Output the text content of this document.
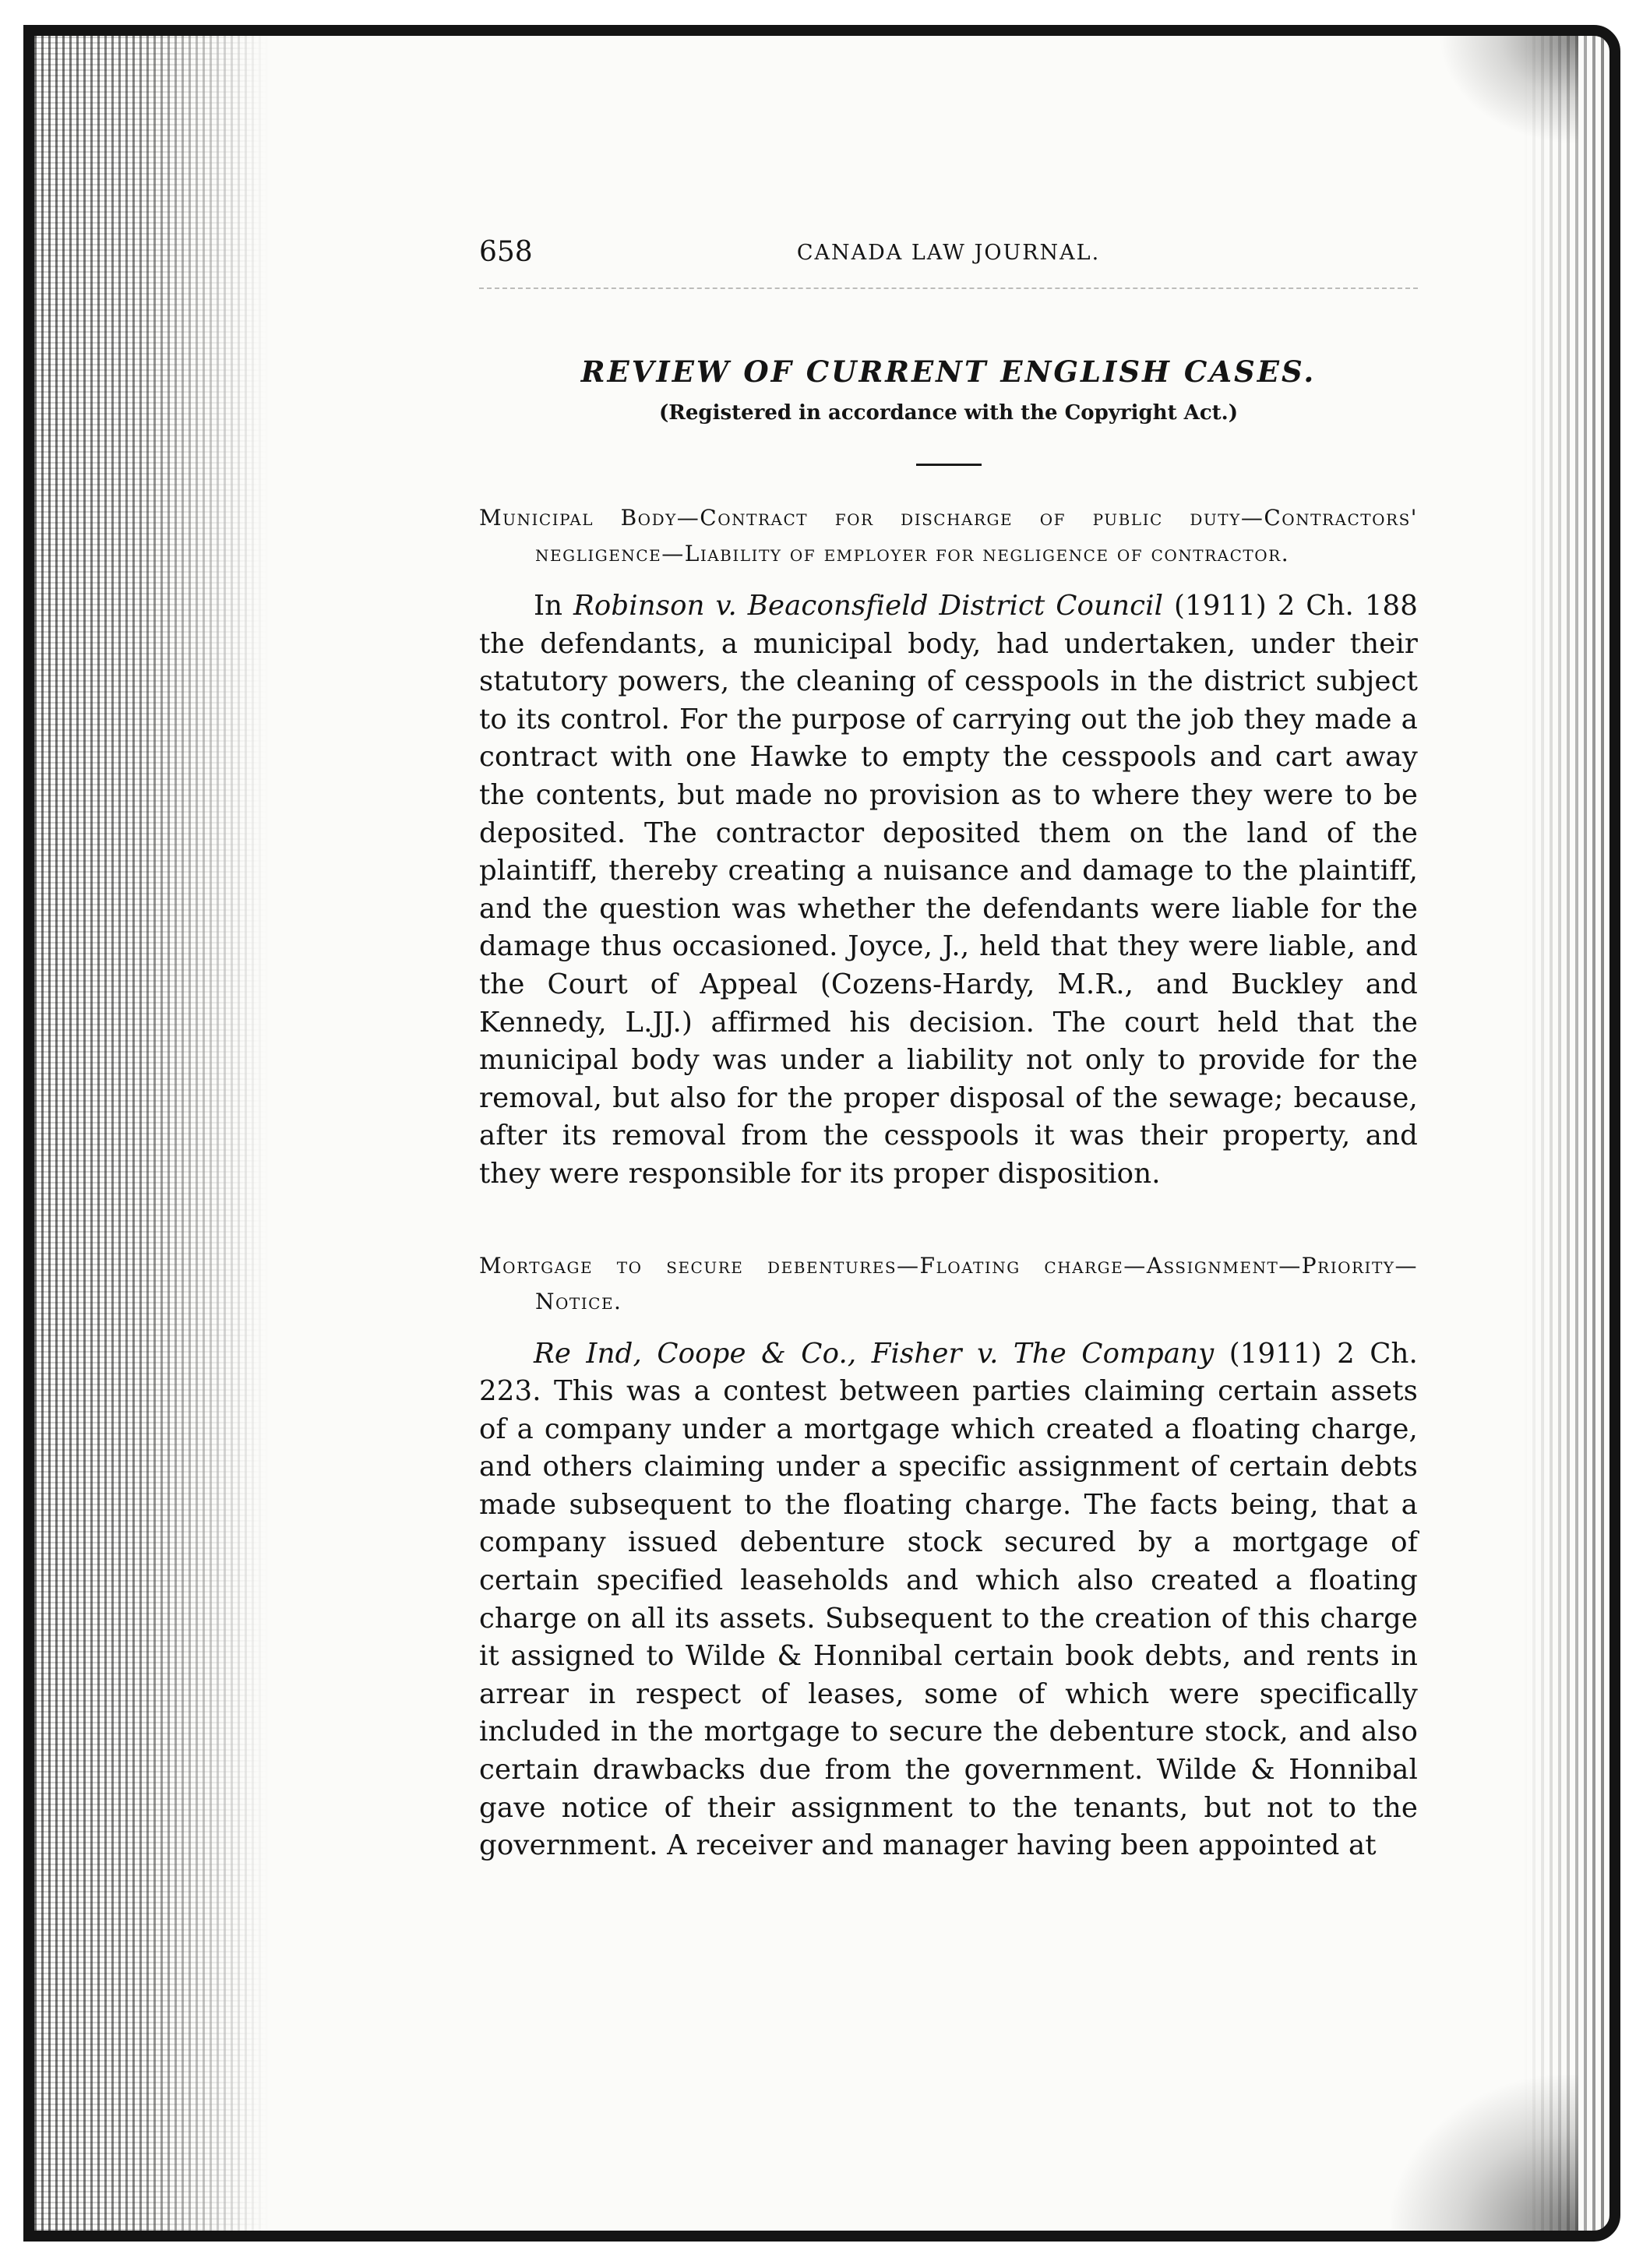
658	CANADA LAW JOURNAL.
REVIEW OF CURRENT ENGLISH CASES.
(Registered in accordance with the Copyright Act.)
Municipal Body—Contract for discharge of public duty—Contractors' negligence—Liability of employer for negligence of contractor.

In Robinson v. Beaconsfield District Council (1911) 2 Ch. 188 the defendants, a municipal body, had undertaken, under their statutory powers, the cleaning of cesspools in the district subject to its control. For the purpose of carrying out the job they made a contract with one Hawke to empty the cesspools and cart away the contents, but made no provision as to where they were to be deposited. The contractor deposited them on the land of the plaintiff, thereby creating a nuisance and damage to the plaintiff, and the question was whether the defendants were liable for the damage thus occasioned. Joyce, J., held that they were liable, and the Court of Appeal (Cozens-Hardy, M.R., and Buckley and Kennedy, L.JJ.) affirmed his decision. The court held that the municipal body was under a liability not only to provide for the removal, but also for the proper disposal of the sewage; because, after its removal from the cesspools it was their property, and they were responsible for its proper disposition.

Mortgage to secure debentures—Floating charge—Assignment—Priority—Notice.

Re Ind, Coope & Co., Fisher v. The Company (1911) 2 Ch. 223. This was a contest between parties claiming certain assets of a company under a mortgage which created a floating charge, and others claiming under a specific assignment of certain debts made subsequent to the floating charge. The facts being, that a company issued debenture stock secured by a mortgage of certain specified leaseholds and which also created a floating charge on all its assets. Subsequent to the creation of this charge it assigned to Wilde & Honnibal certain book debts, and rents in arrear in respect of leases, some of which were specifically included in the mortgage to secure the debenture stock, and also certain drawbacks due from the government. Wilde & Honnibal gave notice of their assignment to the tenants, but not to the government. A receiver and manager having been appointed at
